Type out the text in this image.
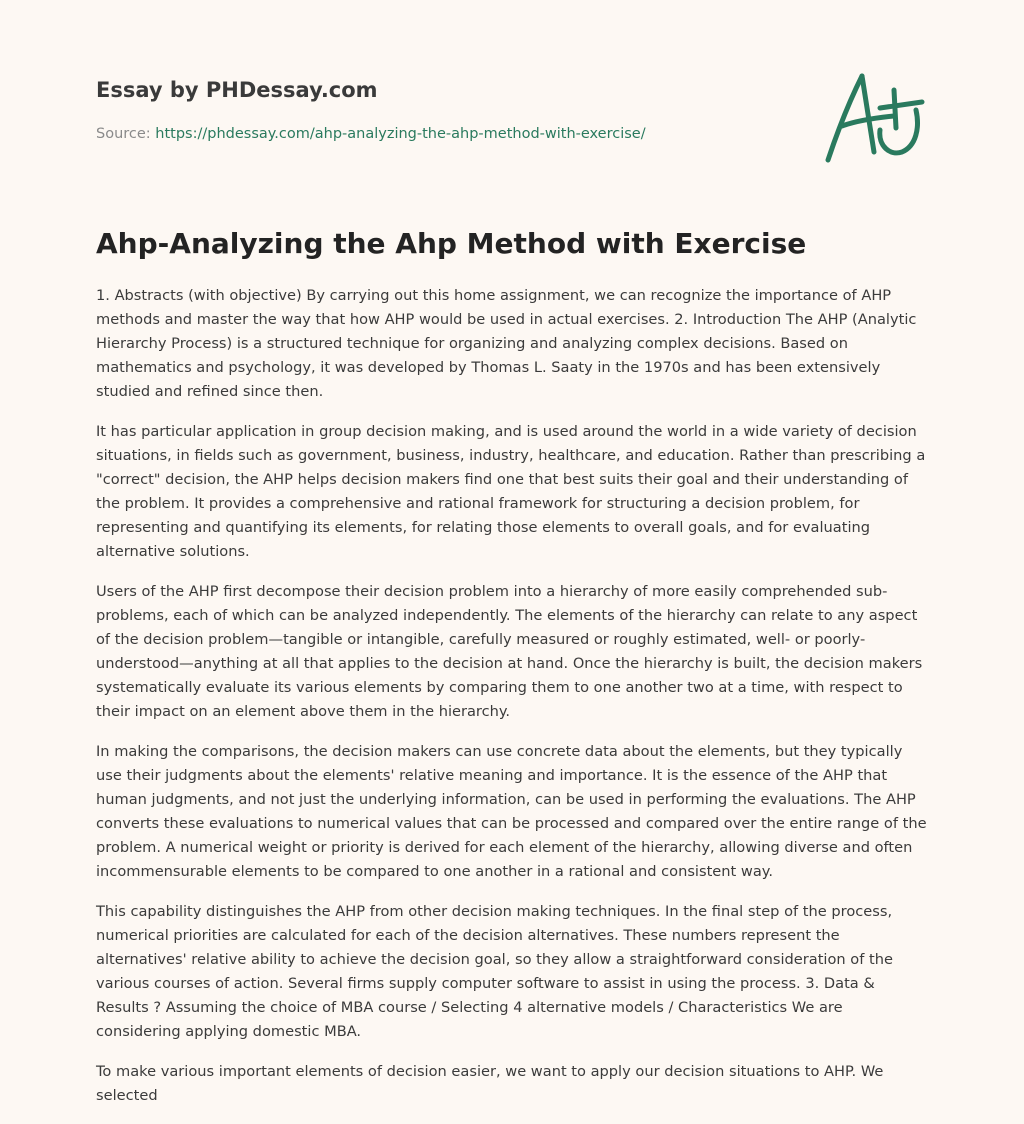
Essay by PHDessay.com
Source: https://phdessay.com/ahp-analyzing-the-ahp-method-with-exercise/
Ahp-Analyzing the Ahp Method with Exercise

1. Abstracts (with objective) By carrying out this home assignment, we can recognize the importance of AHP methods and master the way that how AHP would be used in actual exercises. 2. Introduction The AHP (Analytic Hierarchy Process) is a structured technique for organizing and analyzing complex decisions. Based on mathematics and psychology, it was developed by Thomas L. Saaty in the 1970s and has been extensively studied and refined since then.

It has particular application in group decision making, and is used around the world in a wide variety of decision situations, in fields such as government, business, industry, healthcare, and education. Rather than prescribing a "correct" decision, the AHP helps decision makers find one that best suits their goal and their understanding of the problem. It provides a comprehensive and rational framework for structuring a decision problem, for representing and quantifying its elements, for relating those elements to overall goals, and for evaluating alternative solutions.

Users of the AHP first decompose their decision problem into a hierarchy of more easily comprehended sub-problems, each of which can be analyzed independently. The elements of the hierarchy can relate to any aspect of the decision problem—tangible or intangible, carefully measured or roughly estimated, well- or poorly-understood—anything at all that applies to the decision at hand. Once the hierarchy is built, the decision makers systematically evaluate its various elements by comparing them to one another two at a time, with respect to their impact on an element above them in the hierarchy.

In making the comparisons, the decision makers can use concrete data about the elements, but they typically use their judgments about the elements' relative meaning and importance. It is the essence of the AHP that human judgments, and not just the underlying information, can be used in performing the evaluations. The AHP converts these evaluations to numerical values that can be processed and compared over the entire range of the problem. A numerical weight or priority is derived for each element of the hierarchy, allowing diverse and often incommensurable elements to be compared to one another in a rational and consistent way.

This capability distinguishes the AHP from other decision making techniques. In the final step of the process, numerical priorities are calculated for each of the decision alternatives. These numbers represent the alternatives' relative ability to achieve the decision goal, so they allow a straightforward consideration of the various courses of action. Several firms supply computer software to assist in using the process. 3. Data & Results ? Assuming the choice of MBA course / Selecting 4 alternative models / Characteristics We are considering applying domestic MBA.

To make various important elements of decision easier, we want to apply our decision situations to AHP. We selected
